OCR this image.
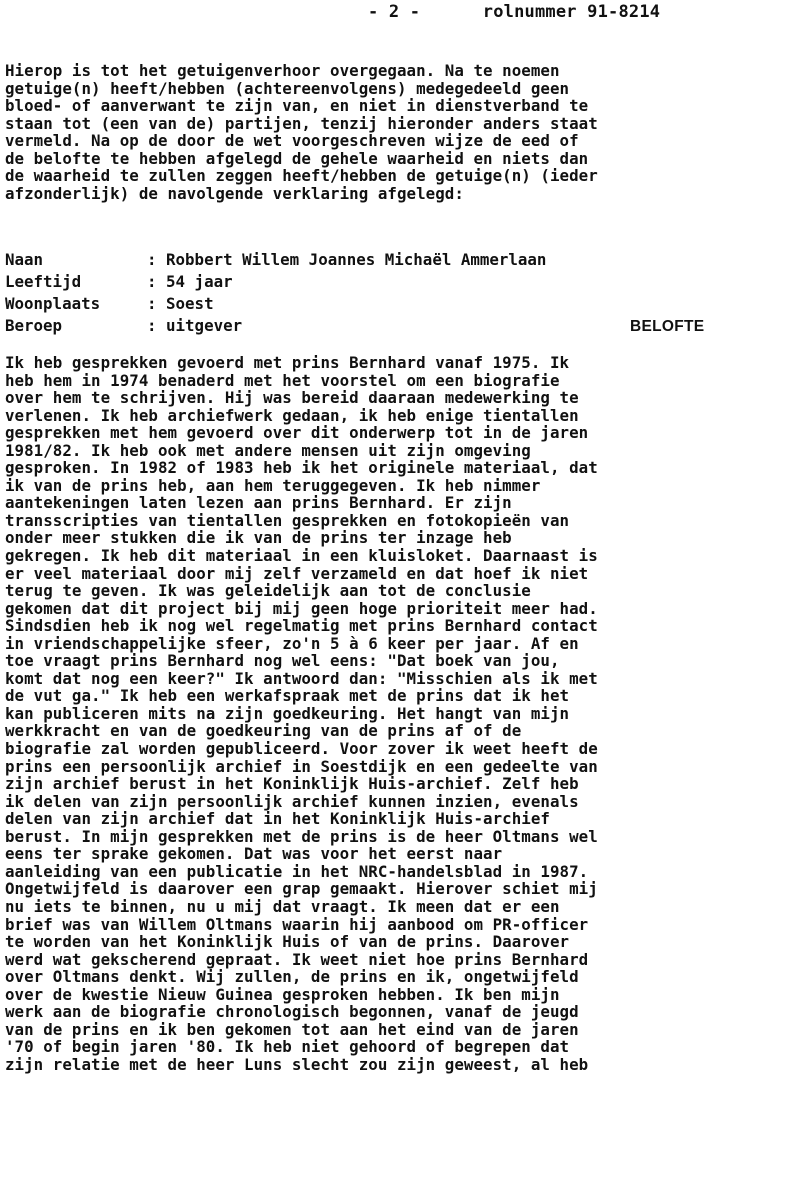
- 2 -	rolnummer 91-8214
Hierop is tot het getuigenverhoor overgegaan. Na te noemen
getuige(n) heeft/hebben (achtereenvolgens) medegedeeld geen
bloed- of aanverwant te zijn van, en niet in dienstverband te
staan tot (een van de) partijen, tenzij hieronder anders staat
vermeld. Na op de door de wet voorgeschreven wijze de eed of
de belofte te hebben afgelegd de gehele waarheid en niets dan
de waarheid te zullen zeggen heeft/hebben de getuige(n) (ieder
afzonderlijk) de navolgende verklaring afgelegd:
Naan	: Robbert Willem Joannes Michaël Ammerlaan
Leeftijd	: 54 jaar
Woonplaats	: Soest
Beroep	: uitgever	BELOFTE
Ik heb gesprekken gevoerd met prins Bernhard vanaf 1975. Ik
heb hem in 1974 benaderd met het voorstel om een biografie
over hem te schrijven. Hij was bereid daaraan medewerking te
verlenen. Ik heb archiefwerk gedaan, ik heb enige tientallen
gesprekken met hem gevoerd over dit onderwerp tot in de jaren
1981/82. Ik heb ook met andere mensen uit zijn omgeving
gesproken. In 1982 of 1983 heb ik het originele materiaal, dat
ik van de prins heb, aan hem teruggegeven. Ik heb nimmer
aantekeningen laten lezen aan prins Bernhard. Er zijn
transscripties van tientallen gesprekken en fotokopieën van
onder meer stukken die ik van de prins ter inzage heb
gekregen. Ik heb dit materiaal in een kluisloket. Daarnaast is
er veel materiaal door mij zelf verzameld en dat hoef ik niet
terug te geven. Ik was geleidelijk aan tot de conclusie
gekomen dat dit project bij mij geen hoge prioriteit meer had.
Sindsdien heb ik nog wel regelmatig met prins Bernhard contact
in vriendschappelijke sfeer, zo'n 5 à 6 keer per jaar. Af en
toe vraagt prins Bernhard nog wel eens: "Dat boek van jou,
komt dat nog een keer?" Ik antwoord dan: "Misschien als ik met
de vut ga." Ik heb een werkafspraak met de prins dat ik het
kan publiceren mits na zijn goedkeuring. Het hangt van mijn
werkkracht en van de goedkeuring van de prins af of de
biografie zal worden gepubliceerd. Voor zover ik weet heeft de
prins een persoonlijk archief in Soestdijk en een gedeelte van
zijn archief berust in het Koninklijk Huis-archief. Zelf heb
ik delen van zijn persoonlijk archief kunnen inzien, evenals
delen van zijn archief dat in het Koninklijk Huis-archief
berust. In mijn gesprekken met de prins is de heer Oltmans wel
eens ter sprake gekomen. Dat was voor het eerst naar
aanleiding van een publicatie in het NRC-handelsblad in 1987.
Ongetwijfeld is daarover een grap gemaakt. Hierover schiet mij
nu iets te binnen, nu u mij dat vraagt. Ik meen dat er een
brief was van Willem Oltmans waarin hij aanbood om PR-officer
te worden van het Koninklijk Huis of van de prins. Daarover
werd wat gekscherend gepraat. Ik weet niet hoe prins Bernhard
over Oltmans denkt. Wij zullen, de prins en ik, ongetwijfeld
over de kwestie Nieuw Guinea gesproken hebben. Ik ben mijn
werk aan de biografie chronologisch begonnen, vanaf de jeugd
van de prins en ik ben gekomen tot aan het eind van de jaren
'70 of begin jaren '80. Ik heb niet gehoord of begrepen dat
zijn relatie met de heer Luns slecht zou zijn geweest, al heb
